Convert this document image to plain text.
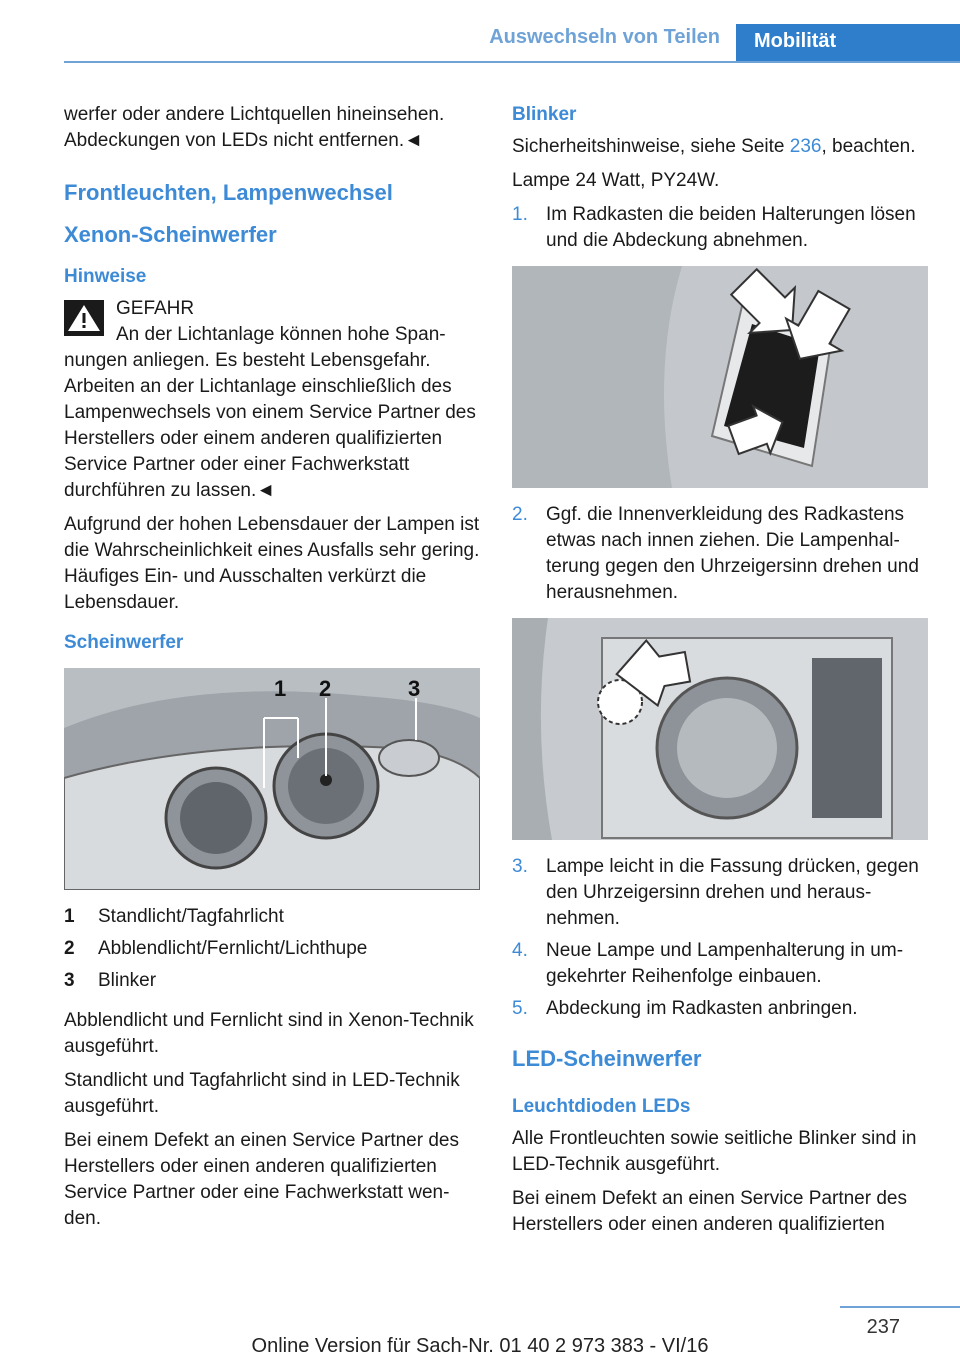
Auswechseln von Teilen	Mobilität

werfer oder andere Lichtquellen hineinsehen. Abdeckungen von LEDs nicht entfernen.◄

Frontleuchten, Lampenwechsel
Xenon-Scheinwerfer
Hinweise
GEFAHR
An der Lichtanlage können hohe Span-

nungen anliegen. Es besteht Lebensgefahr. Arbeiten an der Lichtanlage einschließlich des Lampenwechsels von einem Service Partner des Herstellers oder einem anderen qualifizierten Service Partner oder einer Fachwerkstatt durchführen zu lassen.◄

Aufgrund der hohen Lebensdauer der Lampen ist die Wahrscheinlichkeit eines Ausfalls sehr gering. Häufiges Ein- und Ausschalten verkürzt die Lebensdauer.

Scheinwerfer
1 2	3
1	Standlicht/Tagfahrlicht
2	Abblendlicht/Fernlicht/Lichthupe
3	Blinker

Abblendlicht und Fernlicht sind in Xenon-Technik ausgeführt.

Standlicht und Tagfahrlicht sind in LED-Technik ausgeführt.

Bei einem Defekt an einen Service Partner des Herstellers oder einen anderen qualifizierten Service Partner oder eine Fachwerkstatt wenden.

Blinker

Sicherheitshinweise, siehe Seite 236, beachten.

Lampe 24 Watt, PY24W.

1. Im Radkasten die beiden Halterungen lösen und die Abdeckung abnehmen.
2. Ggf. die Innenverkleidung des Radkastens etwas nach innen ziehen. Die Lampenhalterung gegen den Uhrzeigersinn drehen und herausnehmen.
3. Lampe leicht in die Fassung drücken, gegen den Uhrzeigersinn drehen und herausnehmen.
4. Neue Lampe und Lampenhalterung in umgekehrter Reihenfolge einbauen.
5. Abdeckung im Radkasten anbringen.
LED-Scheinwerfer
Leuchtdioden LEDs

Alle Frontleuchten sowie seitliche Blinker sind in LED-Technik ausgeführt.

Bei einem Defekt an einen Service Partner des Herstellers oder einen anderen qualifizierten

237
Online Version für Sach-Nr. 01 40 2 973 383 - VI/16
